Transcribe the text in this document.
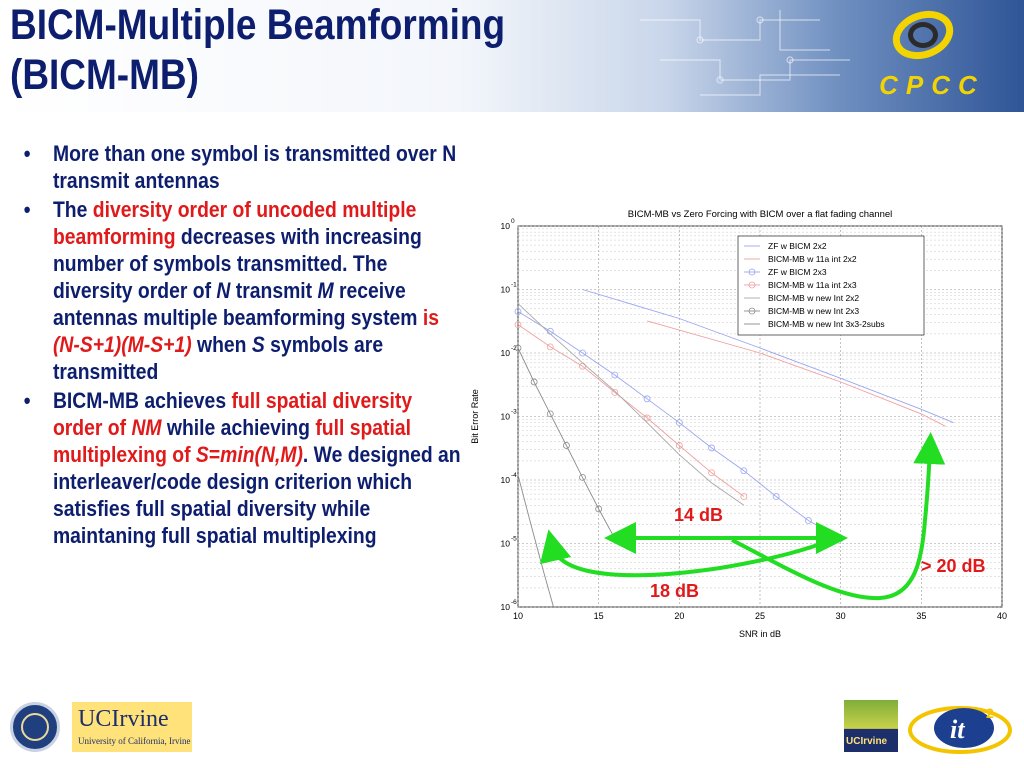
BICM-Multiple Beamforming
(BICM-MB)	CPCC
• More than one symbol is transmitted over N transmit antennas
• The diversity order of uncoded multiple beamforming decreases with increasing number of symbols transmitted. The diversity order of N transmit M receive antennas multiple beamforming system is (N-S+1)(M-S+1) when S symbols are transmitted
• BICM-MB achieves full spatial diversity order of NM while achieving full spatial multiplexing of S=min(N,M). We designed an interleaver/code design criterion which satisfies full spatial diversity while maintaning full spatial multiplexing
10 0
10 -1
10 -2
10 -3
10 -4
10 -5
10 -6
10	15	20	25	30	35	40
BICM-MB vs Zero Forcing with BICM over a flat fading channel
SNR in dB
Bit Error Rate
ZF w BICM 2x2
BICM-MB w 11a int 2x2
ZF w BICM 2x3
BICM-MB w 11a int 2x3
BICM-MB w new Int 2x2
BICM-MB w new Int 2x3
BICM-MB w new Int 3x3-2subs
14 dB
18 dB
> 20 dB
UCIrvine
University of California, Irvine	UCIrvine it
2
